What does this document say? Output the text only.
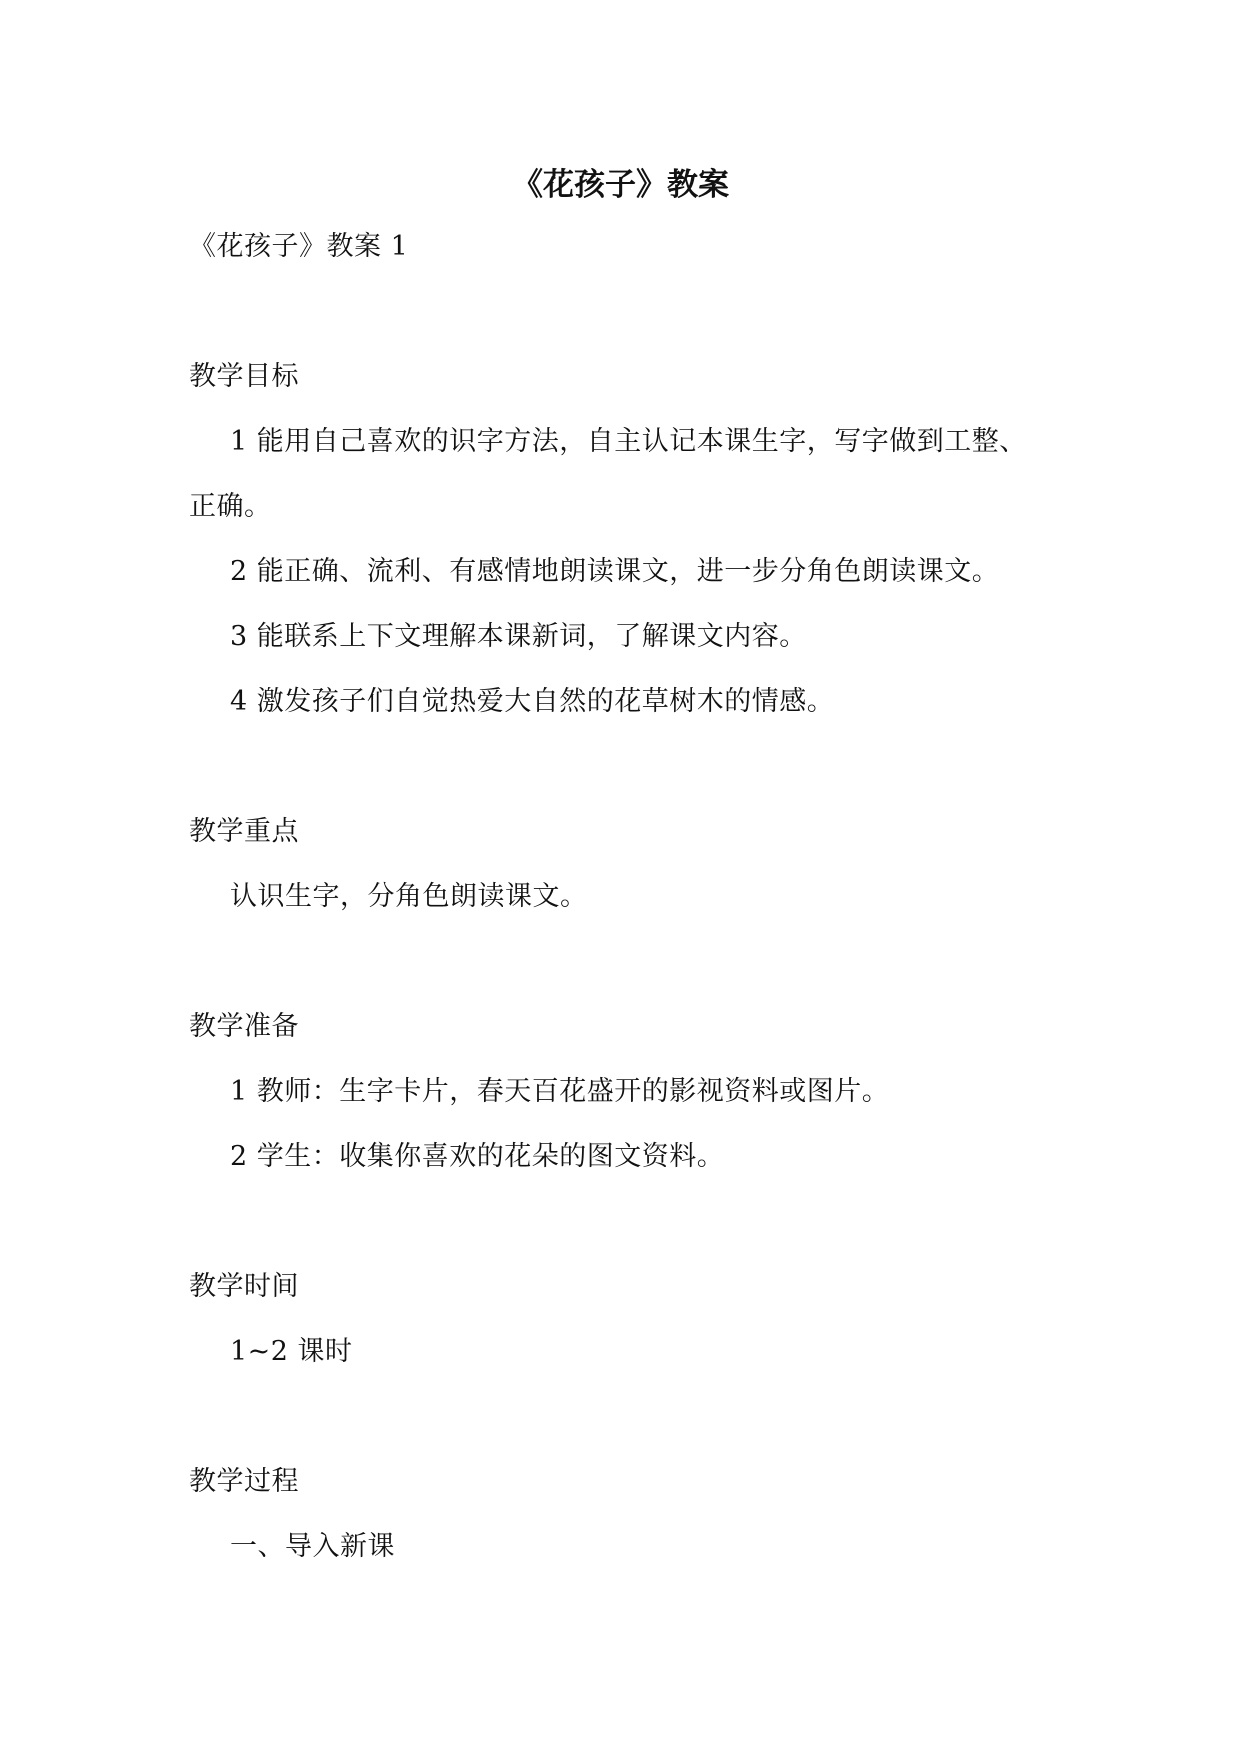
《花孩子》教案
《花孩子》教案 1
教学目标
1 能用自己喜欢的识字方法，自主认记本课生字，写字做到工整、
正确。
2 能正确、流利、有感情地朗读课文，进一步分角色朗读课文。
3 能联系上下文理解本课新词，了解课文内容。
4 激发孩子们自觉热爱大自然的花草树木的情感。
教学重点
认识生字，分角色朗读课文。
教学准备
1 教师：生字卡片，春天百花盛开的影视资料或图片。
2 学生：收集你喜欢的花朵的图文资料。
教学时间
1~2 课时
教学过程
一、导入新课
